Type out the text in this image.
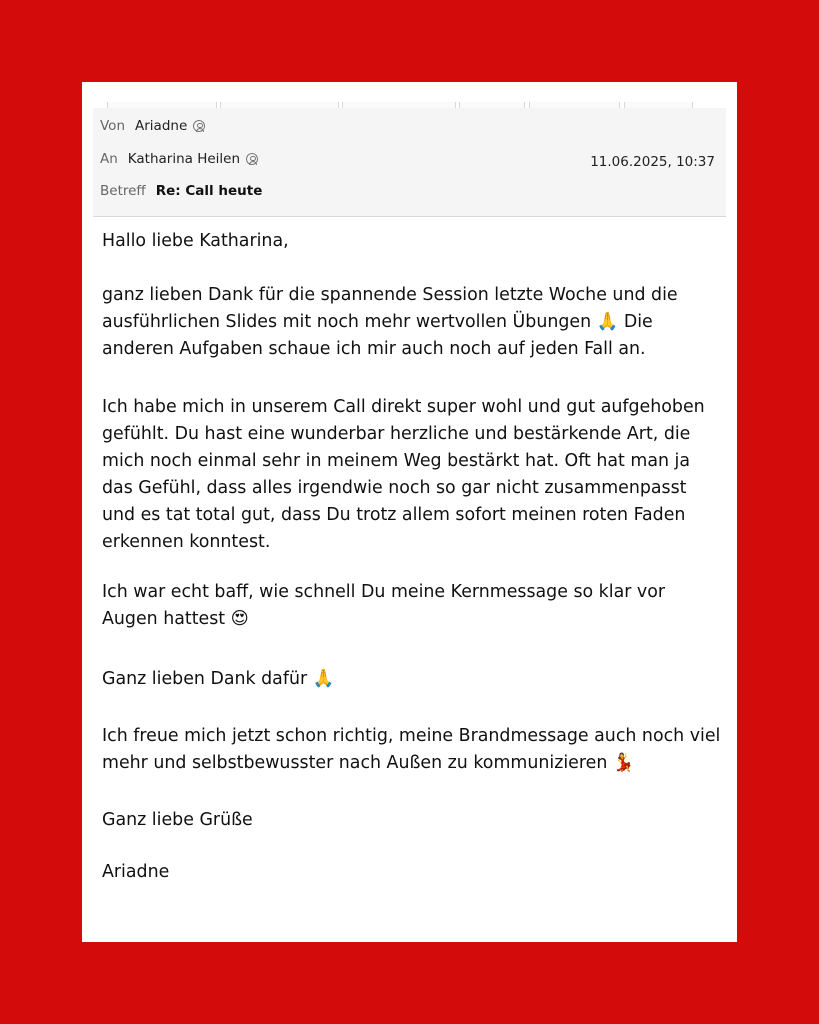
Von Ariadne
An Katharina Heilen	11.06.2025, 10:37
Betreff Re: Call heute

Hallo liebe Katharina,

ganz lieben Dank für die spannende Session letzte Woche und die ausführlichen Slides mit noch mehr wertvollen Übungen 🙏 Die anderen Aufgaben schaue ich mir auch noch auf jeden Fall an.

Ich habe mich in unserem Call direkt super wohl und gut aufgehoben gefühlt. Du hast eine wunderbar herzliche und bestärkende Art, die mich noch einmal sehr in meinem Weg bestärkt hat. Oft hat man ja das Gefühl, dass alles irgendwie noch so gar nicht zusammenpasst und es tat total gut, dass Du trotz allem sofort meinen roten Faden erkennen konntest.

Ich war echt baff, wie schnell Du meine Kernmessage so klar vor Augen hattest 😍

Ganz lieben Dank dafür 🙏

Ich freue mich jetzt schon richtig, meine Brandmessage auch noch viel mehr und selbstbewusster nach Außen zu kommunizieren 💃

Ganz liebe Grüße

Ariadne
